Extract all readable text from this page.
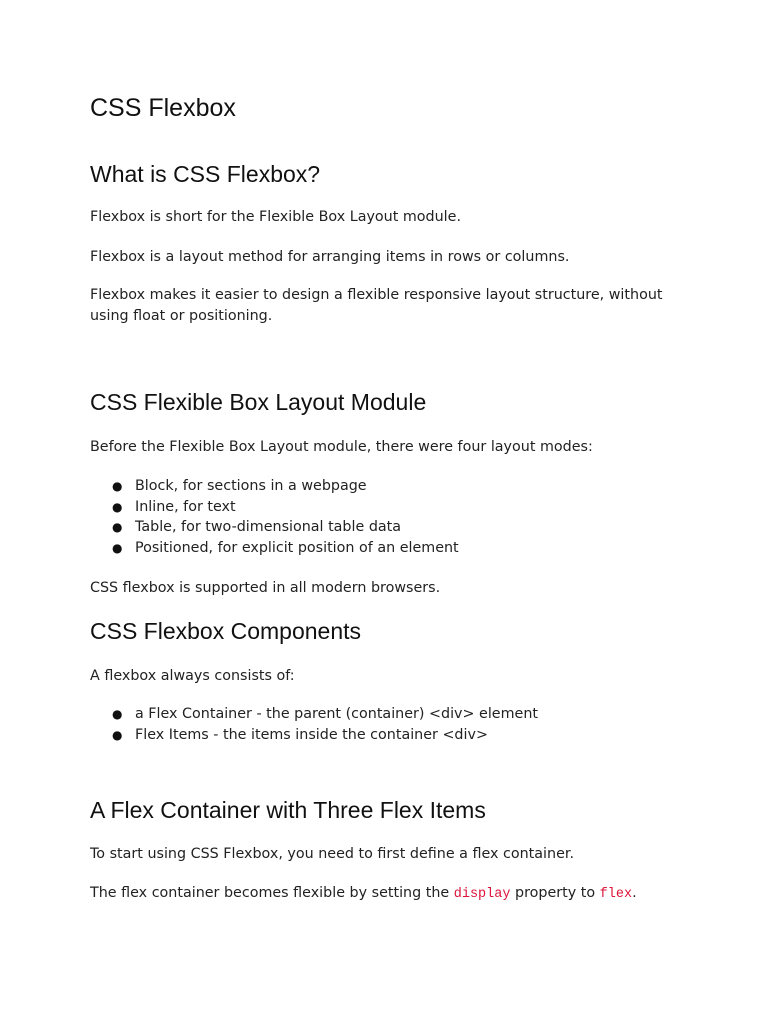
CSS Flexbox
What is CSS Flexbox?

Flexbox is short for the Flexible Box Layout module.

Flexbox is a layout method for arranging items in rows or columns.

Flexbox makes it easier to design a flexible responsive layout structure, without using float or positioning.

CSS Flexible Box Layout Module

Before the Flexible Box Layout module, there were four layout modes:

● Block, for sections in a webpage
● Inline, for text
● Table, for two-dimensional table data
● Positioned, for explicit position of an element

CSS flexbox is supported in all modern browsers.

CSS Flexbox Components

A flexbox always consists of:

● a Flex Container - the parent (container) <div> element
● Flex Items - the items inside the container <div>
A Flex Container with Three Flex Items

To start using CSS Flexbox, you need to first define a flex container.

The flex container becomes flexible by setting the display property to flex.
